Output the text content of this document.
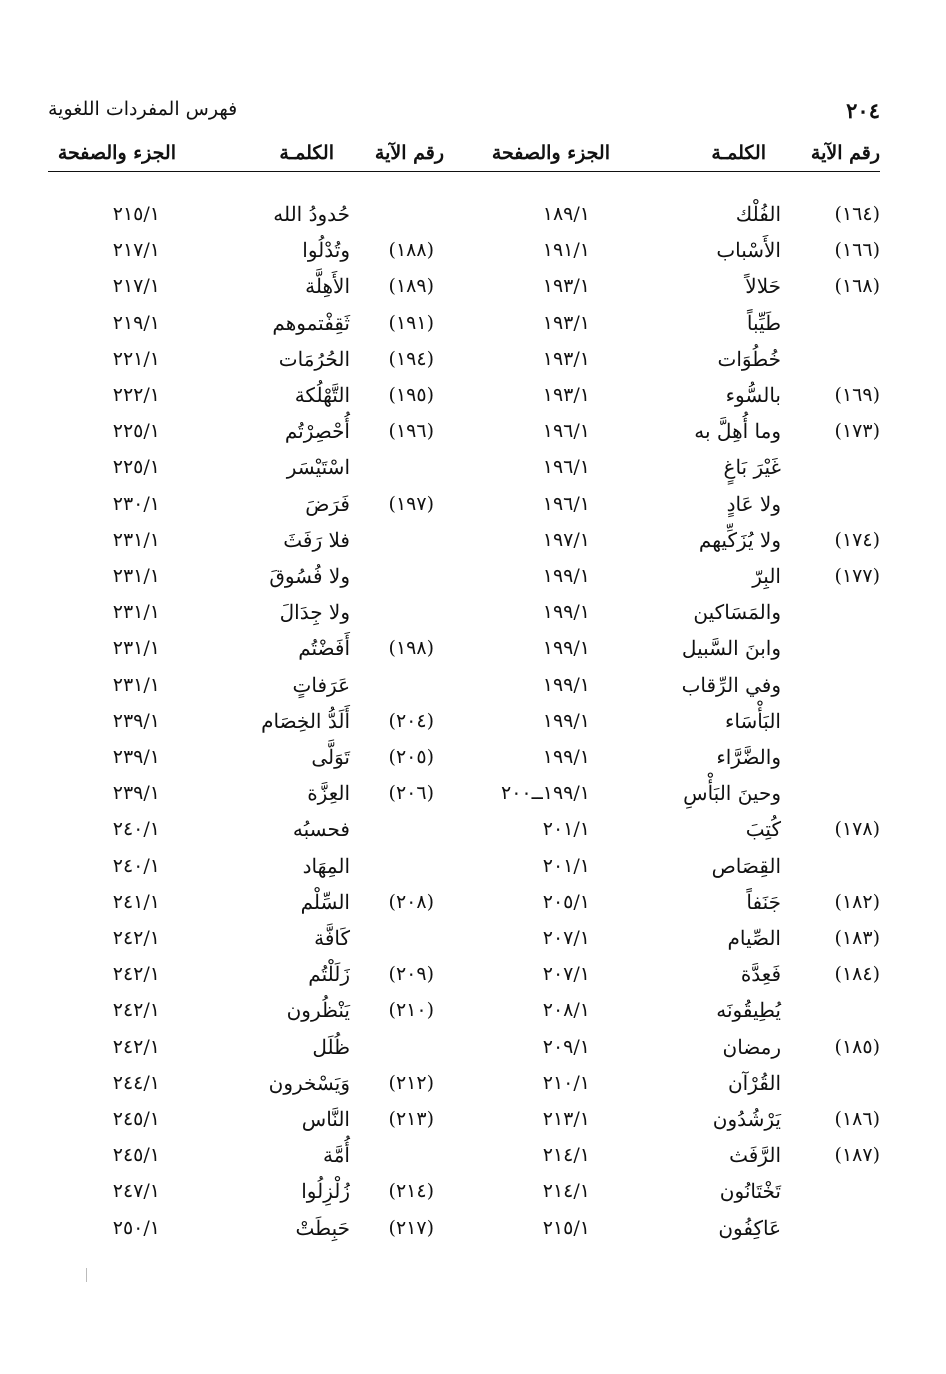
٢٠٤
فهرس المفردات اللغوية
رقم الآية
الكلمـة
الجزء والصفحة
رقم الآية
الكلمـة
الجزء والصفحة
(١٦٤)
الفُلْك
١٨٩/١
(١٦٦)
الأَسْباب
١٩١/١
(١٦٨)
حَلالاً
١٩٣/١
طَيِّباً
١٩٣/١
خُطُوَات
١٩٣/١
(١٦٩)
بالسُّوء
١٩٣/١
(١٧٣)
وما أُهِلَّ به
١٩٦/١
غَيْرَ بَاغٍ
١٩٦/١
ولا عَادٍ
١٩٦/١
(١٧٤)
ولا يُزَكِّيهم
١٩٧/١
(١٧٧)
البِرّ
١٩٩/١
والمَسَاكين
١٩٩/١
وابنَ السَّبيل
١٩٩/١
وفي الرِّقاب
١٩٩/١
البَأْسَاء
١٩٩/١
والضَّرَّاء
١٩٩/١
وحينَ البَأْسِ
١٩٩/١ــ٢٠٠
(١٧٨)
كُتِبَ
٢٠١/١
القِصَاص
٢٠١/١
(١٨٢)
جَنَفاً
٢٠٥/١
(١٨٣)
الصِّيام
٢٠٧/١
(١٨٤)
فَعِدَّة
٢٠٧/١
يُطِيقُونَه
٢٠٨/١
(١٨٥)
رمضان
٢٠٩/١
القُرْآن
٢١٠/١
(١٨٦)
يَرْشُدُون
٢١٣/١
(١٨٧)
الرَّفَث
٢١٤/١
تَخْتَانُون
٢١٤/١
عَاكِفُون
٢١٥/١
حُدودُ الله
٢١٥/١
(١٨٨)
وتُدْلُوا
٢١٧/١
(١٨٩)
الأَهِلَّة
٢١٧/١
(١٩١)
ثَقِفْتموهم
٢١٩/١
(١٩٤)
الحُرُمَات
٢٢١/١
(١٩٥)
التَّهْلُكة
٢٢٢/١
(١٩٦)
أُحْصِرْتُم
٢٢٥/١
اسْتَيْسَر
٢٢٥/١
(١٩٧)
فَرَضَ
٢٣٠/١
فلا رَفَثَ
٢٣١/١
ولا فُسُوقَ
٢٣١/١
ولا جِدَالَ
٢٣١/١
(١٩٨)
أَفَضْتُم
٢٣١/١
عَرَفاتٍ
٢٣١/١
(٢٠٤)
أَلَدُّ الخِصَام
٢٣٩/١
(٢٠٥)
تَوَلَّى
٢٣٩/١
(٢٠٦)
العِزَّة
٢٣٩/١
فحسبُه
٢٤٠/١
المِهَاد
٢٤٠/١
(٢٠٨)
السِّلْم
٢٤١/١
كَافَّة
٢٤٢/١
(٢٠٩)
زَلَلْتُم
٢٤٢/١
(٢١٠)
يَنْظُرون
٢٤٢/١
ظُلَل
٢٤٢/١
(٢١٢)
وَيَسْخرون
٢٤٤/١
(٢١٣)
النَّاس
٢٤٥/١
أُمَّة
٢٤٥/١
(٢١٤)
زُلْزِلُوا
٢٤٧/١
(٢١٧)
حَبِطَتْ
٢٥٠/١
